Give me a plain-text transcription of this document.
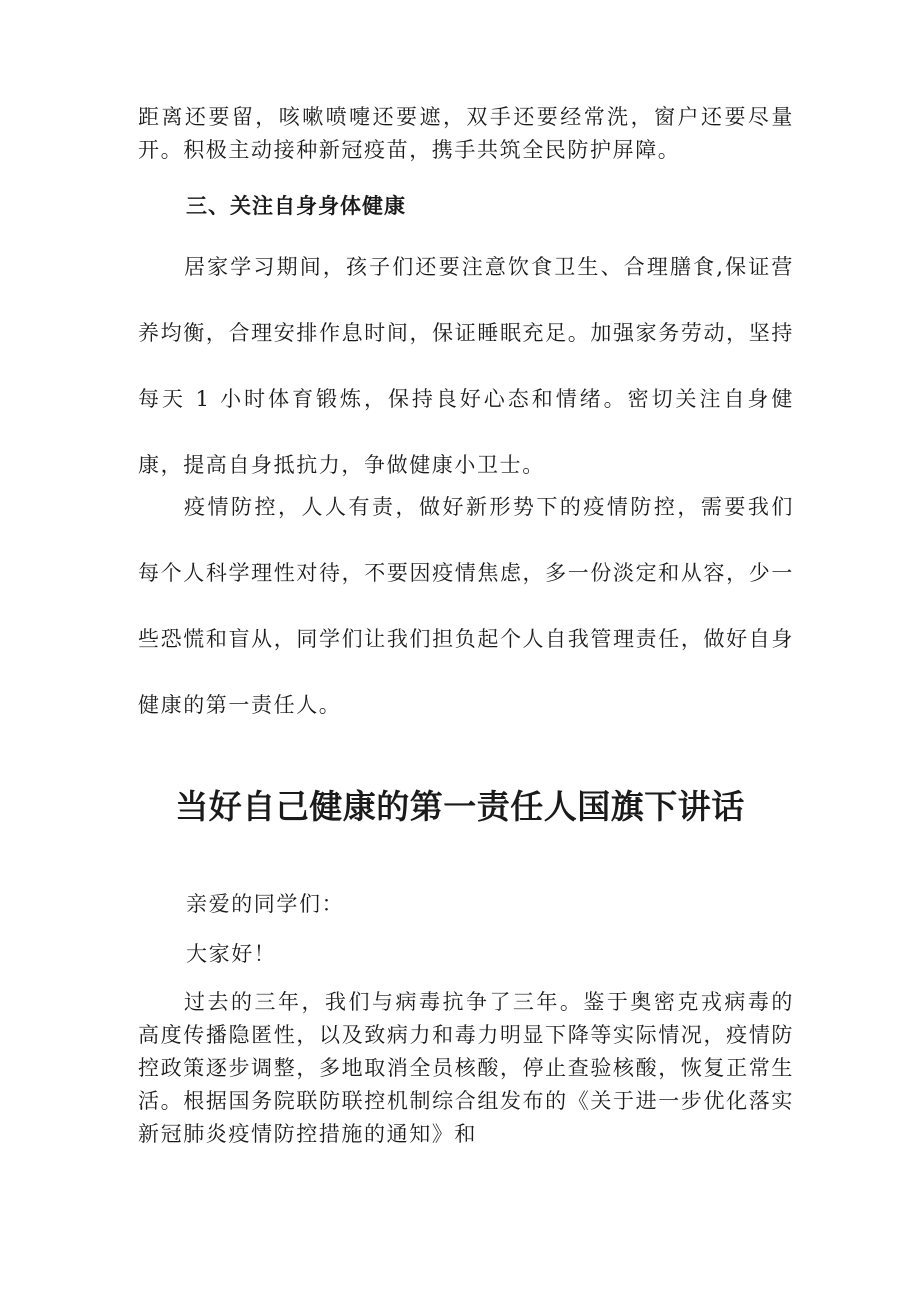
距离还要留，咳嗽喷嚏还要遮，双手还要经常洗，窗户还要尽量开。积极主动接种新冠疫苗，携手共筑全民防护屏障。

三、关注自身身体健康

居家学习期间，孩子们还要注意饮食卫生、合理膳食,保证营养均衡，合理安排作息时间，保证睡眠充足。加强家务劳动，坚持每天 1 小时体育锻炼，保持良好心态和情绪。密切关注自身健康，提高自身抵抗力，争做健康小卫士。

疫情防控，人人有责，做好新形势下的疫情防控，需要我们每个人科学理性对待，不要因疫情焦虑，多一份淡定和从容，少一些恐慌和盲从，同学们让我们担负起个人自我管理责任，做好自身健康的第一责任人。

当好自己健康的第一责任人国旗下讲话

亲爱的同学们：

大家好！

过去的三年，我们与病毒抗争了三年。鉴于奥密克戎病毒的高度传播隐匿性，以及致病力和毒力明显下降等实际情况，疫情防控政策逐步调整，多地取消全员核酸，停止查验核酸，恢复正常生活。根据国务院联防联控机制综合组发布的《关于进一步优化落实新冠肺炎疫情防控措施的通知》和
